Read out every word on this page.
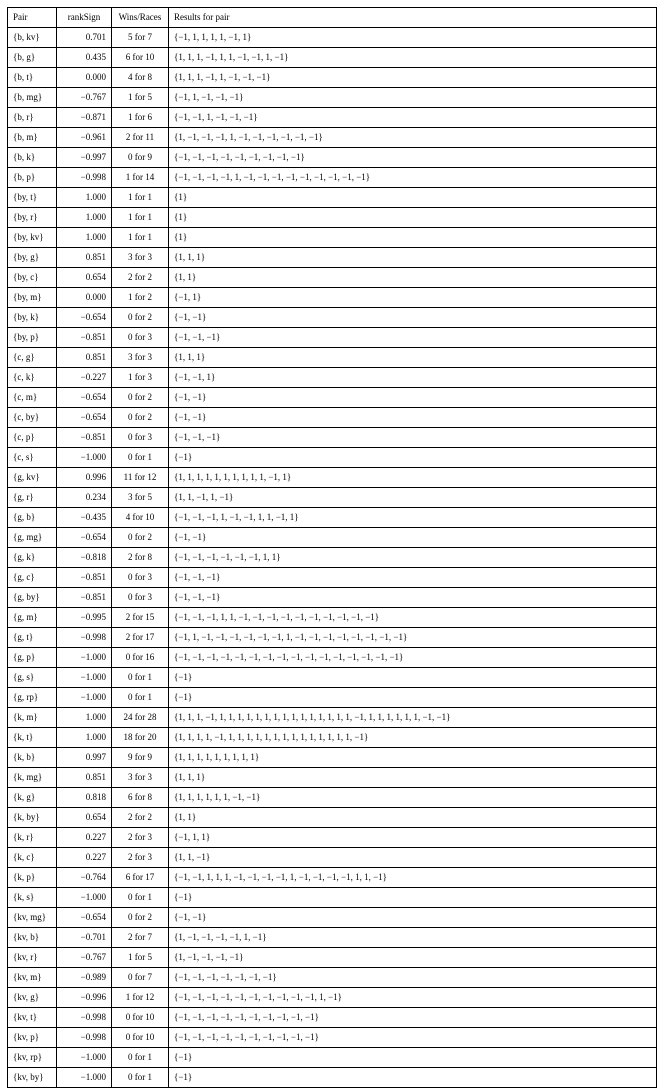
Pair	rankSign	Wins/Races	Results for pair
{b, kv}	0.701	5 for 7	{−1, 1, 1, 1, 1, −1, 1}
{b, g}	0.435	6 for 10	{1, 1, 1, −1, 1, 1, −1, −1, 1, −1}
{b, t}	0.000	4 for 8	{1, 1, 1, −1, 1, −1, −1, −1}
{b, mg}	−0.767	1 for 5	{−1, 1, −1, −1, −1}
{b, r}	−0.871	1 for 6	{−1, −1, 1, −1, −1, −1}
{b, m}	−0.961	2 for 11	{1, −1, −1, −1, 1, −1, −1, −1, −1, −1, −1}
{b, k}	−0.997	0 for 9	{−1, −1, −1, −1, −1, −1, −1, −1, −1}
{b, p}	−0.998	1 for 14	{−1, −1, −1, −1, 1, −1, −1, −1, −1, −1, −1, −1, −1, −1}
{by, t}	1.000	1 for 1	{1}
{by, r}	1.000	1 for 1	{1}
{by, kv}	1.000	1 for 1	{1}
{by, g}	0.851	3 for 3	{1, 1, 1}
{by, c}	0.654	2 for 2	{1, 1}
{by, m}	0.000	1 for 2	{−1, 1}
{by, k}	−0.654	0 for 2	{−1, −1}
{by, p}	−0.851	0 for 3	{−1, −1, −1}
{c, g}	0.851	3 for 3	{1, 1, 1}
{c, k}	−0.227	1 for 3	{−1, −1, 1}
{c, m}	−0.654	0 for 2	{−1, −1}
{c, by}	−0.654	0 for 2	{−1, −1}
{c, p}	−0.851	0 for 3	{−1, −1, −1}
{c, s}	−1.000	0 for 1	{−1}
{g, kv}	0.996	11 for 12	{1, 1, 1, 1, 1, 1, 1, 1, 1, 1, −1, 1}
{g, r}	0.234	3 for 5	{1, 1, −1, 1, −1}
{g, b}	−0.435	4 for 10	{−1, −1, −1, 1, −1, −1, 1, 1, −1, 1}
{g, mg}	−0.654	0 for 2	{−1, −1}
{g, k}	−0.818	2 for 8	{−1, −1, −1, −1, −1, −1, 1, 1}
{g, c}	−0.851	0 for 3	{−1, −1, −1}
{g, by}	−0.851	0 for 3	{−1, −1, −1}
{g, m}	−0.995	2 for 15	{−1, −1, −1, 1, 1, −1, −1, −1, −1, −1, −1, −1, −1, −1, −1}
{g, t}	−0.998	2 for 17	{−1, 1, −1, −1, −1, −1, −1, −1, 1, −1, −1, −1, −1, −1, −1, −1, −1}
{g, p}	−1.000	0 for 16	{−1, −1, −1, −1, −1, −1, −1, −1, −1, −1, −1, −1, −1, −1, −1, −1}
{g, s}	−1.000	0 for 1	{−1}
{g, rp}	−1.000	0 for 1	{−1}
{k, m}	1.000	24 for 28	{1, 1, 1, −1, 1, 1, 1, 1, 1, 1, 1, 1, 1, 1, 1, 1, 1, 1, 1, −1, 1, 1, 1, 1, 1, 1, −1, −1}
{k, t}	1.000	18 for 20	{1, 1, 1, 1, −1, 1, 1, 1, 1, 1, 1, 1, 1, 1, 1, 1, 1, 1, 1, −1}
{k, b}	0.997	9 for 9	{1, 1, 1, 1, 1, 1, 1, 1, 1}
{k, mg}	0.851	3 for 3	{1, 1, 1}
{k, g}	0.818	6 for 8	{1, 1, 1, 1, 1, 1, −1, −1}
{k, by}	0.654	2 for 2	{1, 1}
{k, r}	0.227	2 for 3	{−1, 1, 1}
{k, c}	0.227	2 for 3	{1, 1, −1}
{k, p}	−0.764	6 for 17	{−1, −1, 1, 1, 1, −1, −1, −1, −1, 1, −1, −1, −1, −1, 1, 1, −1}
{k, s}	−1.000	0 for 1	{−1}
{kv, mg}	−0.654	0 for 2	{−1, −1}
{kv, b}	−0.701	2 for 7	{1, −1, −1, −1, −1, 1, −1}
{kv, r}	−0.767	1 for 5	{1, −1, −1, −1, −1}
{kv, m}	−0.989	0 for 7	{−1, −1, −1, −1, −1, −1, −1}
{kv, g}	−0.996	1 for 12	{−1, −1, −1, −1, −1, −1, −1, −1, −1, −1, 1, −1}
{kv, t}	−0.998	0 for 10	{−1, −1, −1, −1, −1, −1, −1, −1, −1, −1}
{kv, p}	−0.998	0 for 10	{−1, −1, −1, −1, −1, −1, −1, −1, −1, −1}
{kv, rp}	−1.000	0 for 1	{−1}
{kv, by}	−1.000	0 for 1	{−1}
